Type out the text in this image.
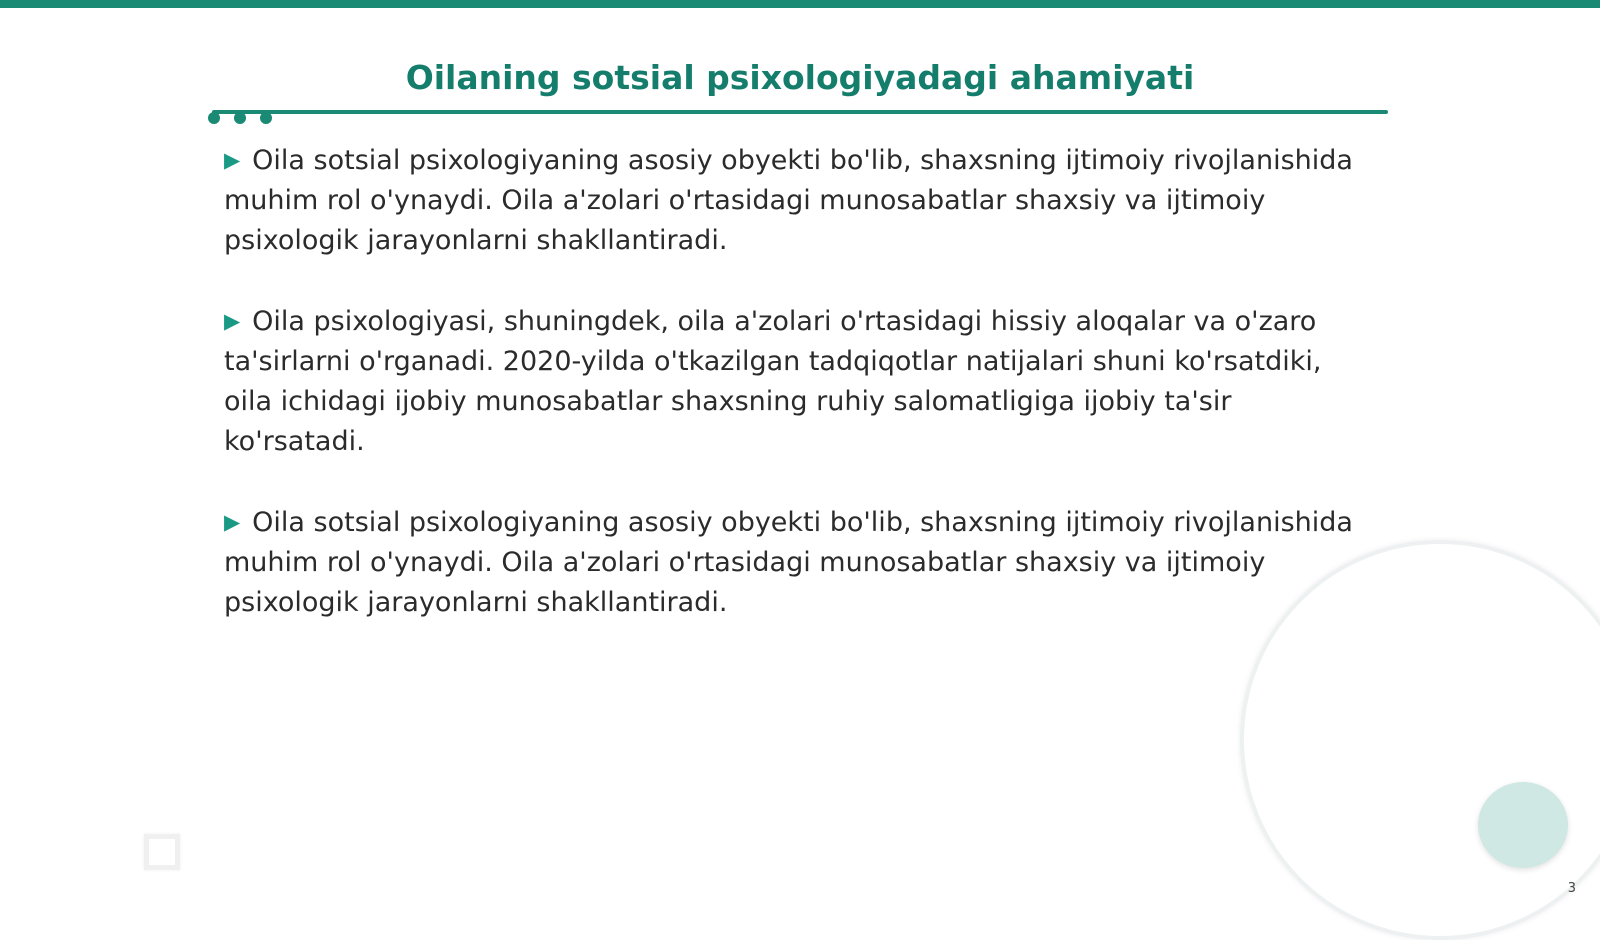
Oilaning sotsial psixologiyadagi ahamiyati

▶ Oila sotsial psixologiyaning asosiy obyekti bo'lib, shaxsning ijtimoiy rivojlanishida muhim rol o'ynaydi. Oila a'zolari o'rtasidagi munosabatlar shaxsiy va ijtimoiy psixologik jarayonlarni shakllantiradi.

▶ Oila psixologiyasi, shuningdek, oila a'zolari o'rtasidagi hissiy aloqalar va o'zaro ta'sirlarni o'rganadi. 2020-yilda o'tkazilgan tadqiqotlar natijalari shuni ko'rsatdiki, oila ichidagi ijobiy munosabatlar shaxsning ruhiy salomatligiga ijobiy ta'sir ko'rsatadi.

▶ Oila sotsial psixologiyaning asosiy obyekti bo'lib, shaxsning ijtimoiy rivojlanishida muhim rol o'ynaydi. Oila a'zolari o'rtasidagi munosabatlar shaxsiy va ijtimoiy psixologik jarayonlarni shakllantiradi.

3
